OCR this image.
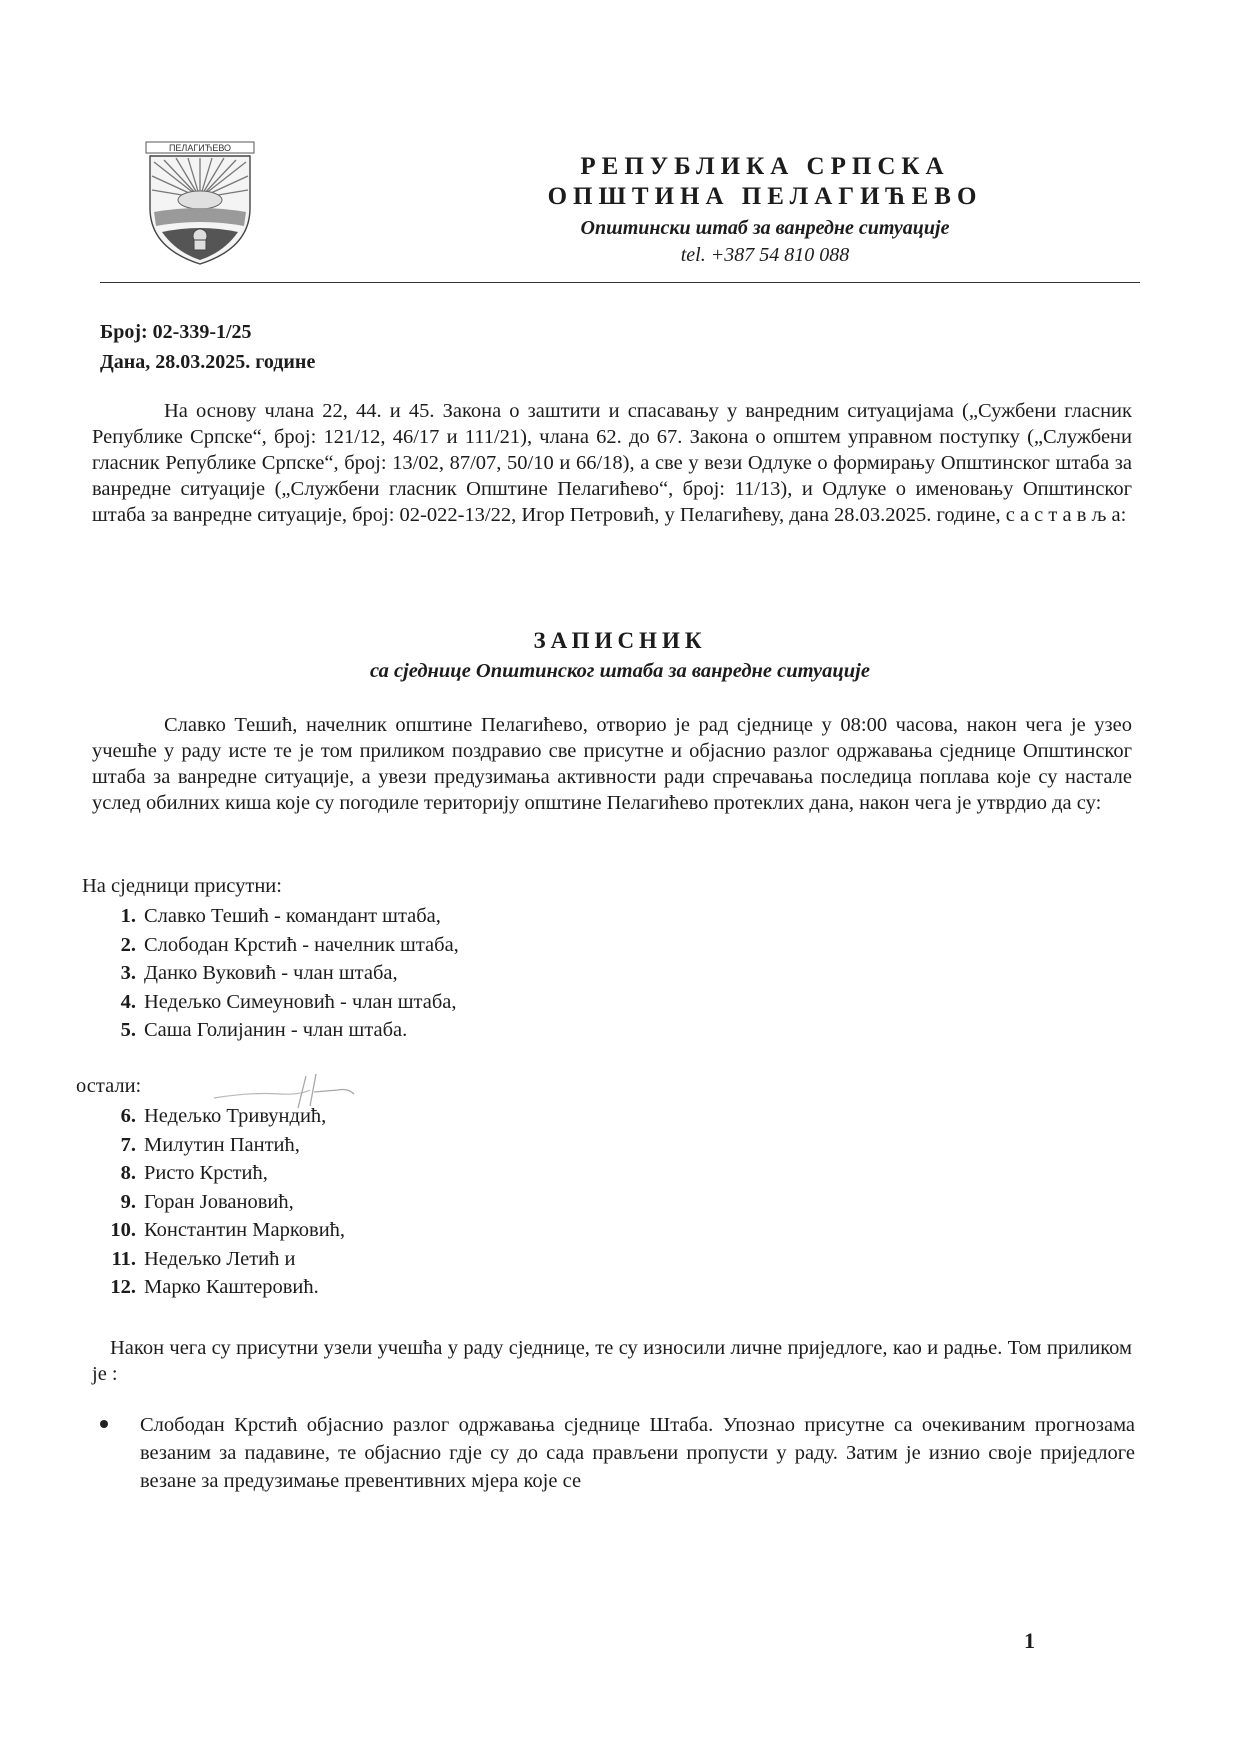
ПЕЛАГИЋЕВО
РЕПУБЛИКА СРПСКА
ОПШТИНА ПЕЛАГИЋЕВО
Општински штаб за ванредне ситуације
tel. +387 54 810 088
Број: 02-339-1/25
Дана, 28.03.2025. године

На основу члана 22, 44. и 45. Закона о заштити и спасавању у ванредним ситуацијама („Сужбени гласник Републике Српске“, број: 121/12, 46/17 и 111/21), члана 62. до 67. Закона о општем управном поступку („Службени гласник Републике Српске“, број: 13/02, 87/07, 50/10 и 66/18), а све у вези Одлуке о формирању Општинског штаба за ванредне ситуације („Службени гласник Општине Пелагићево“, број: 11/13), и Одлуке о именовању Општинског штаба за ванредне ситуације, број: 02-022-13/22, Игор Петровић, у Пелагићеву, дана 28.03.2025. године, с а с т а в љ а:

ЗАПИСНИК
са сједнице Општинског штаба за ванредне ситуације

Славко Тешић, начелник општине Пелагићево, отворио је рад сједнице у 08:00 часова, након чега је узео учешће у раду исте те је том приликом поздравио све присутне и објаснио разлог одржавања сједнице Општинског штаба за ванредне ситуације, а увези предузимања активности ради спречавања последица поплава које су настале услед обилних киша које су погодиле територију општине Пелагићево протеклих дана, након чега је утврдио да су:

На сједници присутни:
1. Славко Тешић - командант штаба,
2. Слободан Крстић - начелник штаба,
3. Данко Вуковић - члан штаба,
4. Недељко Симеуновић - члан штаба,
5. Саша Голијанин - члан штаба.
остали:
6. Недељко Тривундић,
7. Милутин Пантић,
8. Ристо Крстић,
9. Горан Јовановић,
10. Константин Марковић,
11. Недељко Летић и
12. Марко Каштеровић.

Након чега су присутни узели учешћа у раду сједнице, те су износили личне приједлоге, као и радње. Том приликом је :

Слободан Крстић објаснио разлог одржавања сједнице Штаба. Упознао присутне са очекиваним прогнозама везаним за падавине, те објаснио гдје су до сада прављени пропусти у раду. Затим је изнио своје приједлоге везане за предузимање превентивних мјера које се

1
